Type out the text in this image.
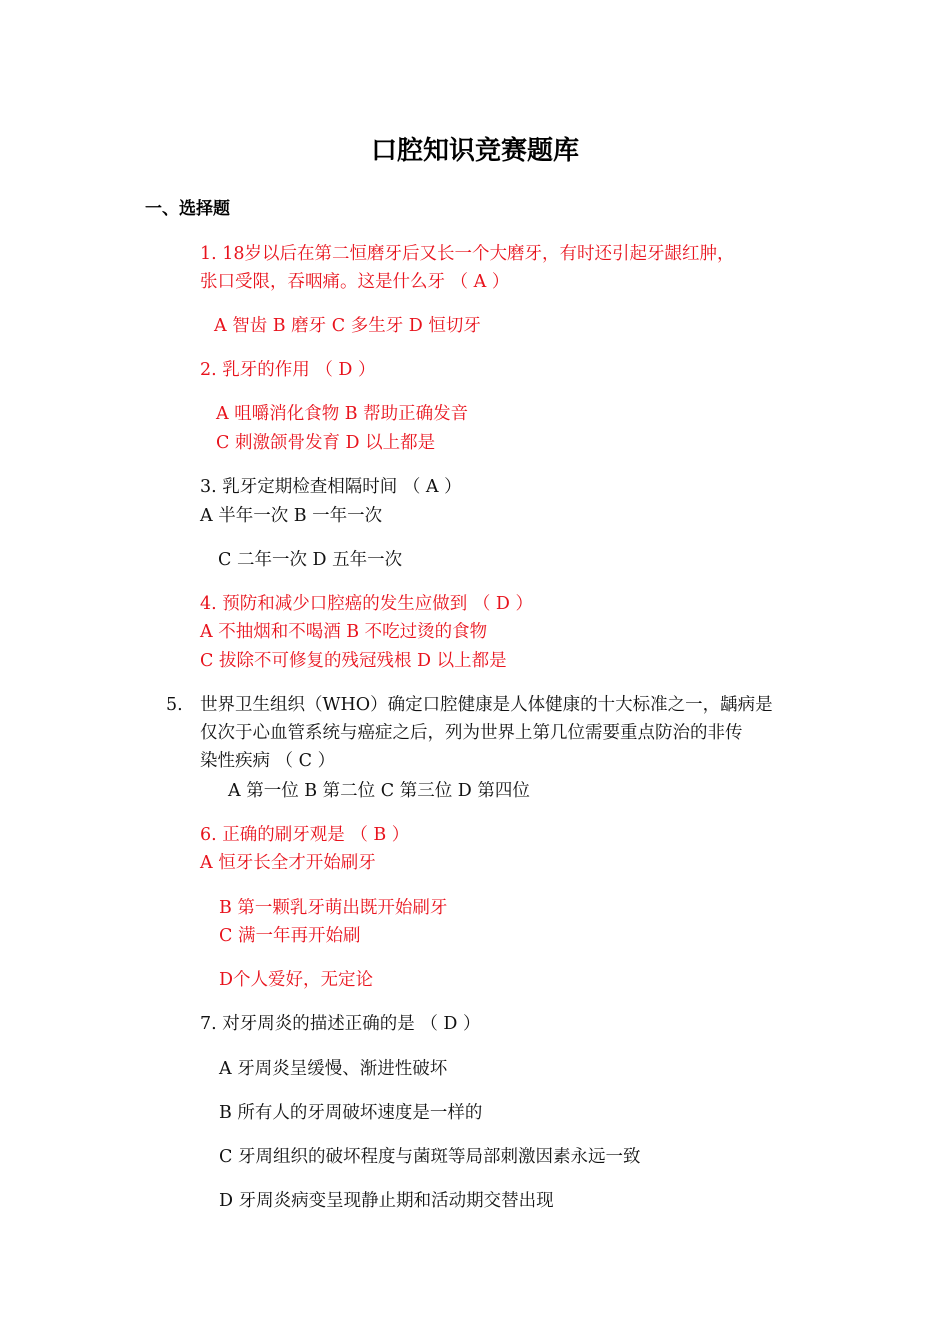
口腔知识竞赛题库
一、选择题
1. 18岁以后在第二恒磨牙后又长一个大磨牙，有时还引起牙龈红肿，
张口受限，吞咽痛。这是什么牙 （ A ）
A 智齿 B 磨牙 C 多生牙 D 恒切牙
2. 乳牙的作用 （ D ）
A 咀嚼消化食物 B 帮助正确发音
C 刺激颌骨发育 D 以上都是
3. 乳牙定期检查相隔时间 （ A ）
A 半年一次 B 一年一次
C 二年一次 D 五年一次
4. 预防和减少口腔癌的发生应做到 （ D ）
A 不抽烟和不喝酒 B 不吃过烫的食物
C 拔除不可修复的残冠残根 D 以上都是
5. 世界卫生组织（WHO）确定口腔健康是人体健康的十大标准之一，龋病是
仅次于心血管系统与癌症之后，列为世界上第几位需要重点防治的非传
染性疾病 （ C ）
A 第一位 B 第二位 C 第三位 D 第四位
6. 正确的刷牙观是 （ B ）
A 恒牙长全才开始刷牙
B 第一颗乳牙萌出既开始刷牙
C 满一年再开始刷
D个人爱好，无定论
7. 对牙周炎的描述正确的是 （ D ）
A 牙周炎呈缓慢、渐进性破坏
B 所有人的牙周破坏速度是一样的
C 牙周组织的破坏程度与菌斑等局部刺激因素永远一致
D 牙周炎病变呈现静止期和活动期交替出现
